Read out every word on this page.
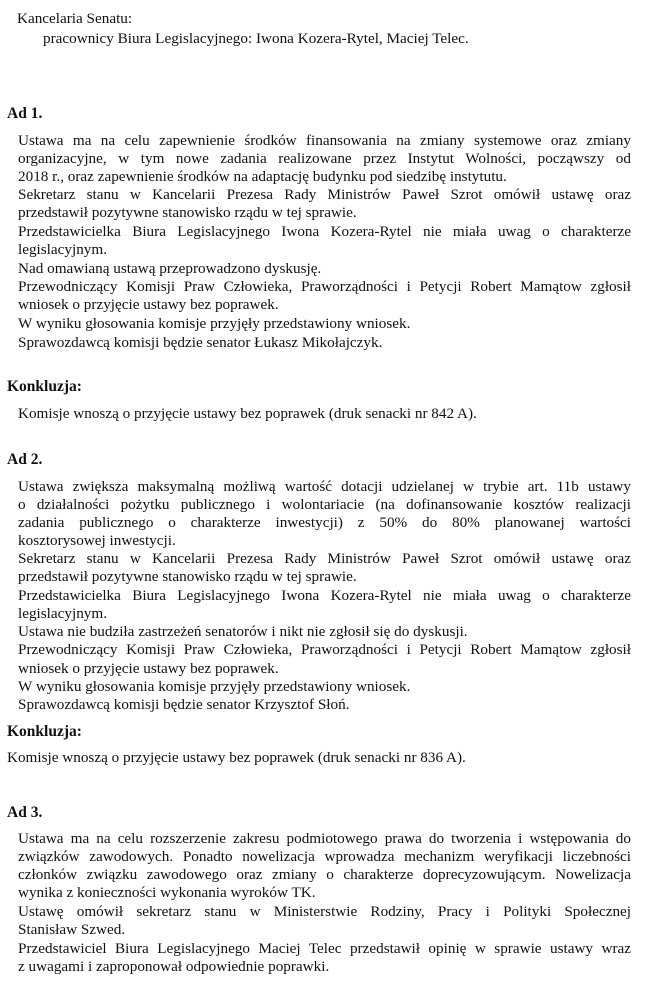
Kancelaria Senatu:
pracownicy Biura Legislacyjnego: Iwona Kozera-Rytel, Maciej Telec.
Ad 1.
Ustawa ma na celu zapewnienie środków finansowania na zmiany systemowe oraz zmiany
organizacyjne, w tym nowe zadania realizowane przez Instytut Wolności, począwszy od
2018 r., oraz zapewnienie środków na adaptację budynku pod siedzibę instytutu.
Sekretarz stanu w Kancelarii Prezesa Rady Ministrów Paweł Szrot omówił ustawę oraz
przedstawił pozytywne stanowisko rządu w tej sprawie.
Przedstawicielka Biura Legislacyjnego Iwona Kozera-Rytel nie miała uwag o charakterze
legislacyjnym.
Nad omawianą ustawą przeprowadzono dyskusję.
Przewodniczący Komisji Praw Człowieka, Praworządności i Petycji Robert Mamątow zgłosił
wniosek o przyjęcie ustawy bez poprawek.
W wyniku głosowania komisje przyjęły przedstawiony wniosek.
Sprawozdawcą komisji będzie senator Łukasz Mikołajczyk.
Konkluzja:
Komisje wnoszą o przyjęcie ustawy bez poprawek (druk senacki nr 842 A).
Ad 2.
Ustawa zwiększa maksymalną możliwą wartość dotacji udzielanej w trybie art. 11b ustawy
o działalności pożytku publicznego i wolontariacie (na dofinansowanie kosztów realizacji
zadania publicznego o charakterze inwestycji) z 50% do 80% planowanej wartości
kosztorysowej inwestycji.
Sekretarz stanu w Kancelarii Prezesa Rady Ministrów Paweł Szrot omówił ustawę oraz
przedstawił pozytywne stanowisko rządu w tej sprawie.
Przedstawicielka Biura Legislacyjnego Iwona Kozera-Rytel nie miała uwag o charakterze
legislacyjnym.
Ustawa nie budziła zastrzeżeń senatorów i nikt nie zgłosił się do dyskusji.
Przewodniczący Komisji Praw Człowieka, Praworządności i Petycji Robert Mamątow zgłosił
wniosek o przyjęcie ustawy bez poprawek.
W wyniku głosowania komisje przyjęły przedstawiony wniosek.
Sprawozdawcą komisji będzie senator Krzysztof Słoń.
Konkluzja:
Komisje wnoszą o przyjęcie ustawy bez poprawek (druk senacki nr 836 A).
Ad 3.
Ustawa ma na celu rozszerzenie zakresu podmiotowego prawa do tworzenia i wstępowania do
związków zawodowych. Ponadto nowelizacja wprowadza mechanizm weryfikacji liczebności
członków związku zawodowego oraz zmiany o charakterze doprecyzowującym. Nowelizacja
wynika z konieczności wykonania wyroków TK.
Ustawę omówił sekretarz stanu w Ministerstwie Rodziny, Pracy i Polityki Społecznej
Stanisław Szwed.
Przedstawiciel Biura Legislacyjnego Maciej Telec przedstawił opinię w sprawie ustawy wraz
z uwagami i zaproponował odpowiednie poprawki.
